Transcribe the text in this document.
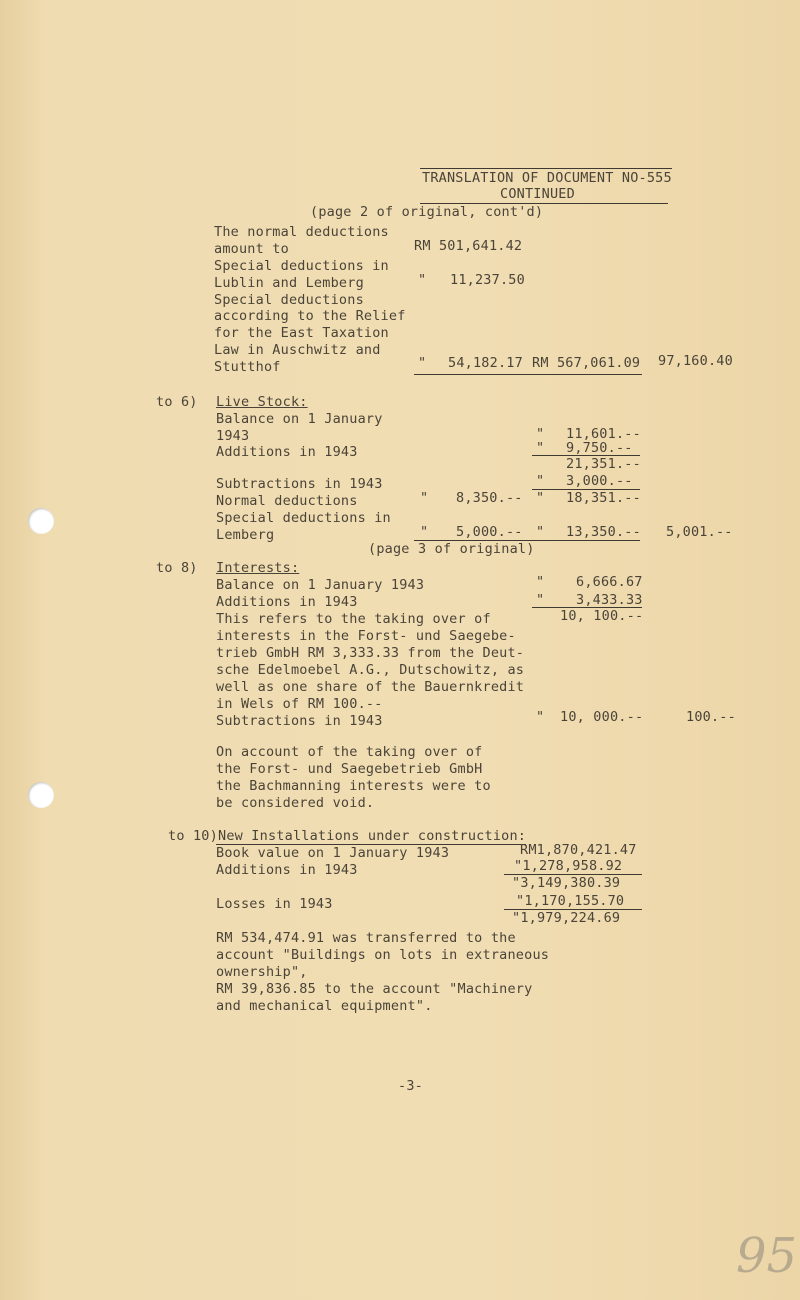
TRANSLATION OF DOCUMENT NO-555
CONTINUED
(page 2 of original, cont'd)
The normal deductions
amount to
Special deductions in
Lublin and Lemberg
Special deductions
according to the Relief
for the East Taxation
Law in Auschwitz and
Stutthof
RM 501,641.42
" 11,237.50
" 54,182.17 RM 567,061.09 97,160.40
to 6) Live Stock:
Balance on 1 January
1943
Additions in 1943
Subtractions in 1943
Normal deductions
Special deductions in
Lemberg
" 11,601.--
" 9,750.--
21,351.--
" 3,000.--
" 8,350.-- " 18,351.--
" 5,000.-- " 13,350.-- 5,001.--
(page 3 of original)
to 8) Interests:
Balance on 1 January 1943
Additions in 1943
This refers to the taking over of
interests in the Forst- und Saegebe-
trieb GmbH RM 3,333.33 from the Deut-
sche Edelmoebel A.G., Dutschowitz, as
well as one share of the Bauernkredit
in Wels of RM 100.--
Subtractions in 1943
" 6,666.67
" 3,433.33
10, 100.--
" 10, 000.--	100.--
On account of the taking over of
the Forst- und Saegebetrieb GmbH
the Bachmanning interests were to
be considered void.
to 10) New Installations under construction:
Book value on 1 January 1943
Additions in 1943
Losses in 1943
RM1,870,421.47
"1,278,958.92
"3,149,380.39
"1,170,155.70
"1,979,224.69
RM 534,474.91 was transferred to the
account "Buildings on lots in extraneous
ownership",
RM 39,836.85 to the account "Machinery
and mechanical equipment".
-3-
95
